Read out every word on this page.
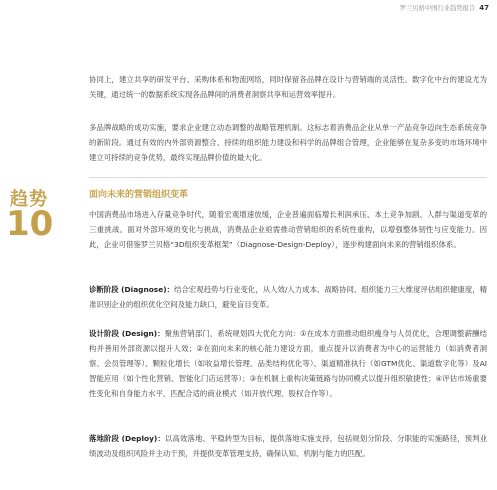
罗兰贝格中国行业趋势报告 47

协同上，建立共享的研发平台、采购体系和物流网络，同时保留各品牌在设计与营销端的灵活性。数字化中台的建设尤为关键，通过统一的数据系统实现各品牌间的消费者洞察共享和运营效率提升。

多品牌战略的成功实施，要求企业建立动态调整的战略管理机制。这标志着消费品企业从单一产品竞争迈向生态系统竞争的新阶段。通过有效的内外部资源整合、持续的组织能力建设和科学的品牌组合管理，企业能够在复杂多变的市场环境中建立可持续的竞争优势，最终实现品牌价值的最大化。

趋势
10
面向未来的营销组织变革

中国消费品市场进入存量竞争时代，随着宏观增速放缓，企业普遍面临增长利润承压、本土竞争加剧、人群与渠道变革的三重挑战。面对外部环境的变化与挑战，消费品企业亟需推动营销组织的系统性重构，以增强整体韧性与应变能力。因此，企业可借鉴罗兰贝格“3D组织变革框架”（Diagnose-Design-Deploy），逐步构建面向未来的营销组织体系。

诊断阶段 (Diagnose)：结合宏观趋势与行业变化，从人效/人力成本、战略协同、组织能力三大维度评估组织健康度，精准识别企业的组织优化空间及能力缺口，避免盲目变革。

设计阶段 (Design)：聚焦营销部门，系统规划四大优化方向：①在成本方面推动组织瘦身与人员优化，合理调整薪酬结构并善用外部资源以提升人效；②在面向未来的核心能力建设方面，重点提升以消费者为中心的运营能力（如消费者洞察、会员管理等）、颗粒化增长（如收益增长管理、品类结构优化等）、渠道精准执行（如GTM优化、渠道数字化等）及AI智能应用（如个性化营销、智能化门店运营等）；③在机制上重构决策链路与协同模式以提升组织敏捷性；④评估市场重要性变化和自身能力水平，匹配合适的商业模式（如开放代理、股权合作等）。

落地阶段 (Deploy)：以高效落地、平稳转型为目标，提供落地实施支持，包括规划分阶段、分职能的实施路径，预判业绩波动及组织风险并主动干预，并提供变革管理支持，确保认知、机制与能力的匹配。
